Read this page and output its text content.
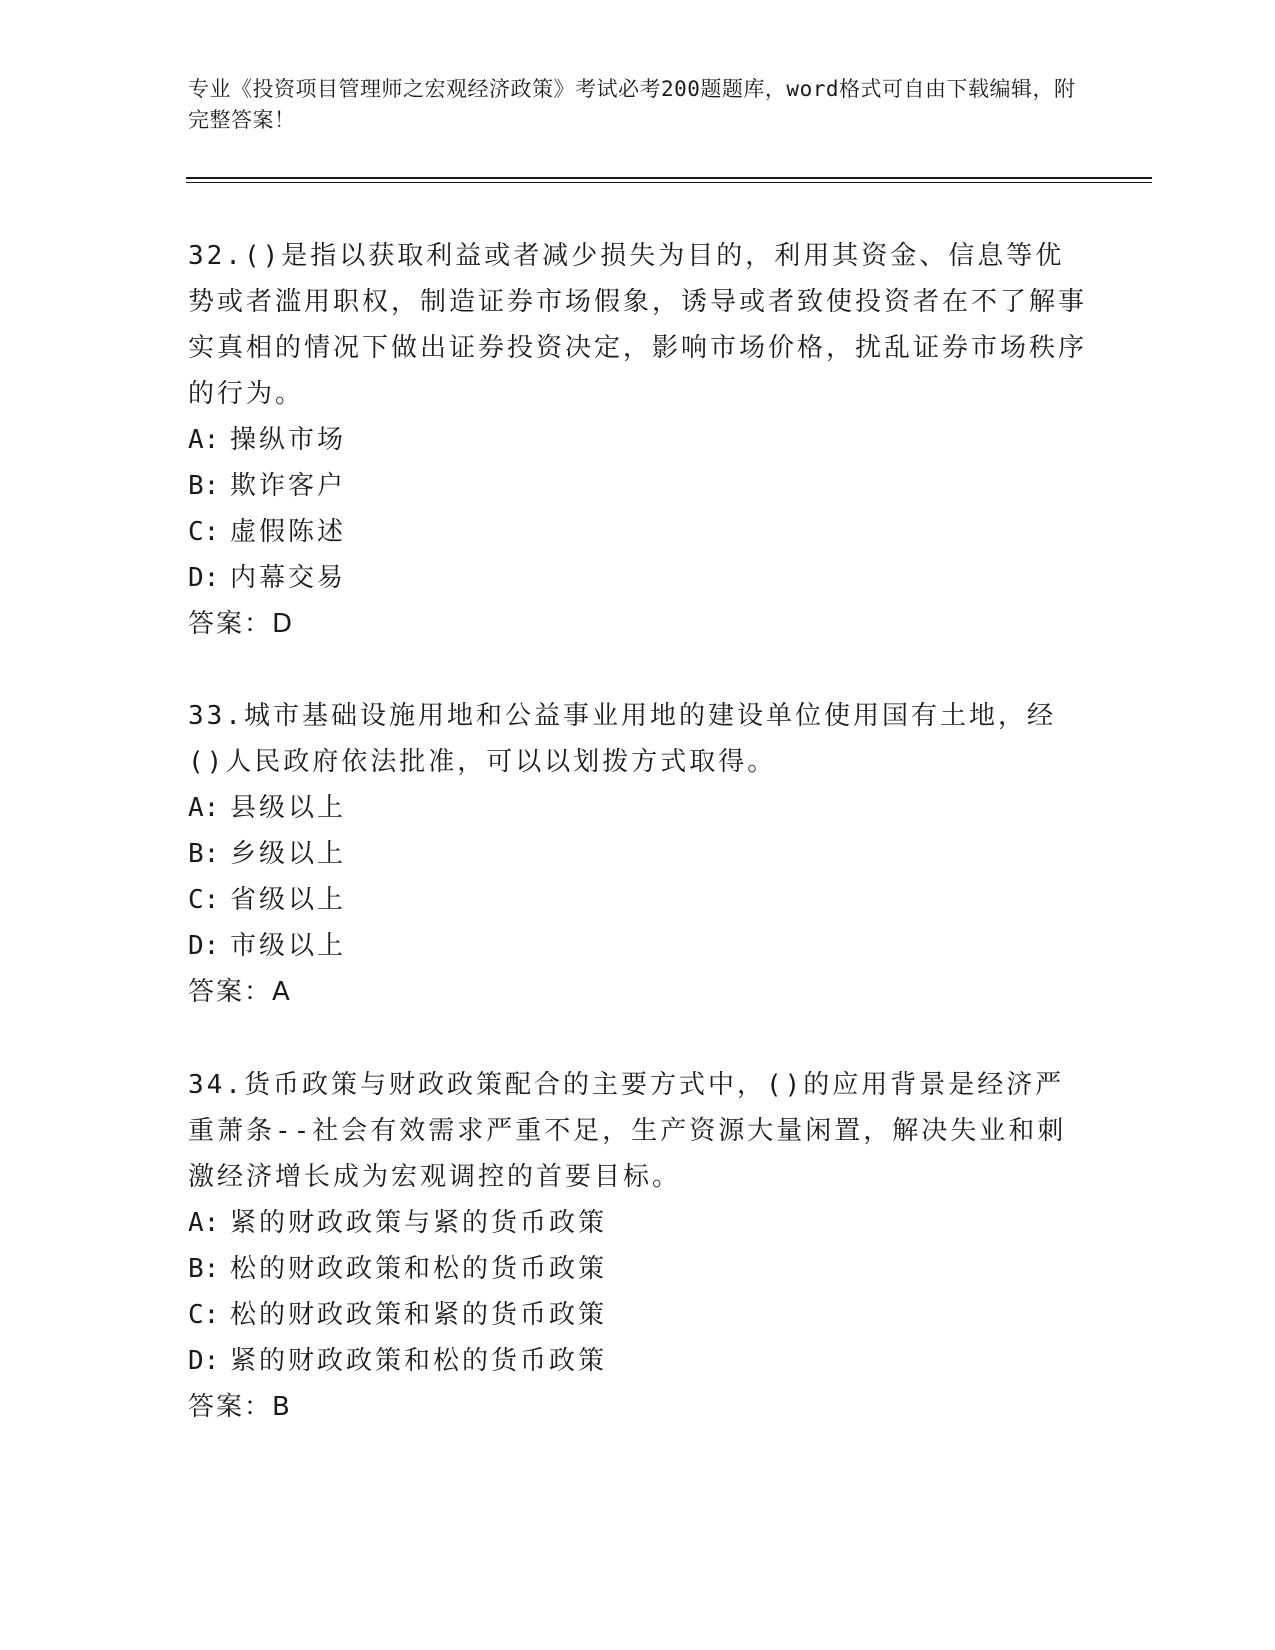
专业《投资项目管理师之宏观经济政策》考试必考200题题库，word格式可自由下载编辑，附完整答案！

32.()是指以获取利益或者减少损失为目的，利用其资金、信息等优势或者滥用职权，制造证券市场假象，诱导或者致使投资者在不了解事实真相的情况下做出证券投资决定，影响市场价格，扰乱证券市场秩序的行为。

A: 操纵市场
B: 欺诈客户
C: 虚假陈述
D: 内幕交易
答案：D

33.城市基础设施用地和公益事业用地的建设单位使用国有土地，经()人民政府依法批准，可以以划拨方式取得。

A: 县级以上
B: 乡级以上
C: 省级以上
D: 市级以上
答案：A

34.货币政策与财政政策配合的主要方式中，()的应用背景是经济严重萧条--社会有效需求严重不足，生产资源大量闲置，解决失业和刺激经济增长成为宏观调控的首要目标。

A: 紧的财政政策与紧的货币政策
B: 松的财政政策和松的货币政策
C: 松的财政政策和紧的货币政策
D: 紧的财政政策和松的货币政策
答案：B
